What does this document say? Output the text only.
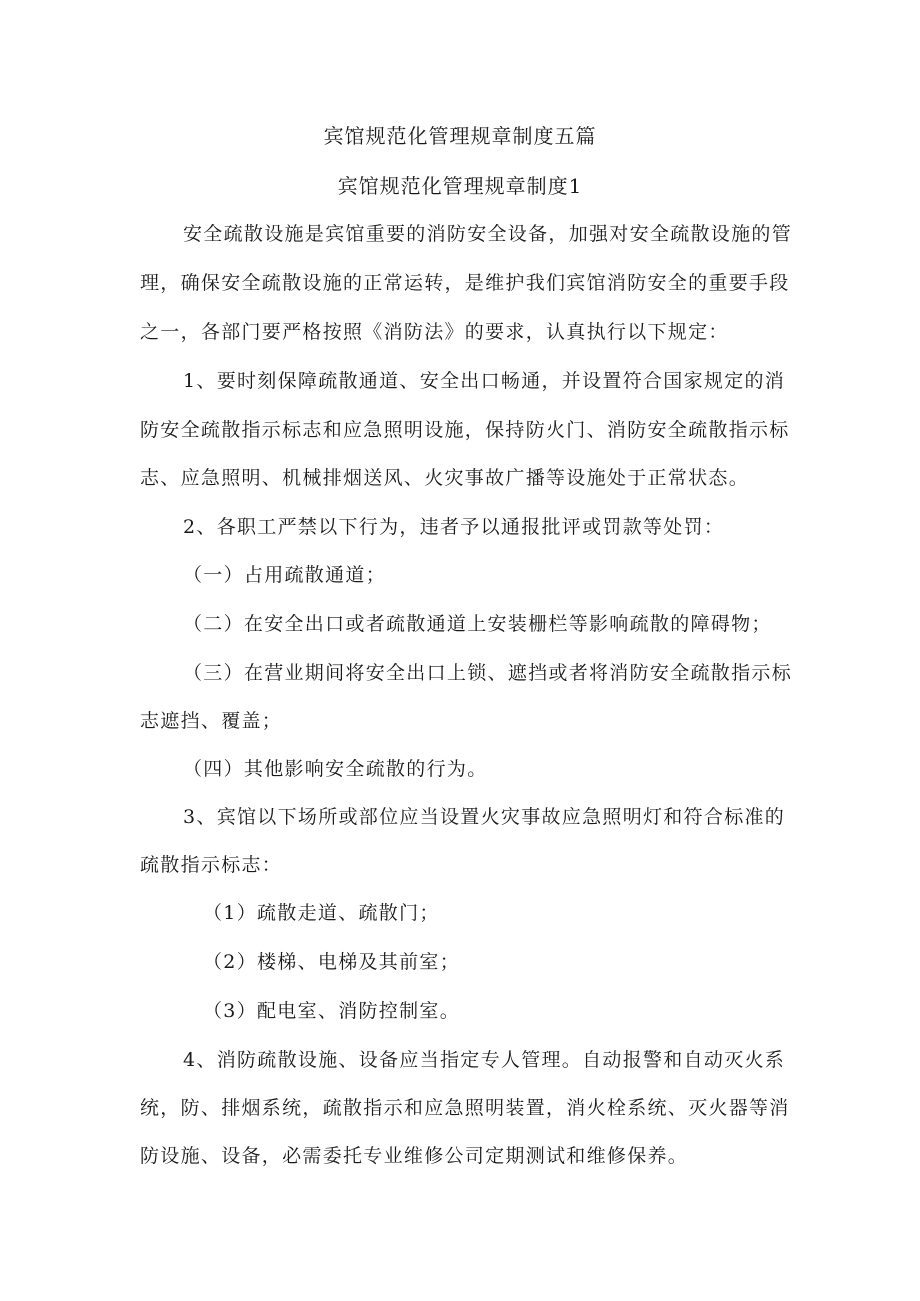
宾馆规范化管理规章制度五篇
宾馆规范化管理规章制度1

安全疏散设施是宾馆重要的消防安全设备，加强对安全疏散设施的管

理，确保安全疏散设施的正常运转，是维护我们宾馆消防安全的重要手段

之一，各部门要严格按照《消防法》的要求，认真执行以下规定：

1、要时刻保障疏散通道、安全出口畅通，并设置符合国家规定的消

防安全疏散指示标志和应急照明设施，保持防火门、消防安全疏散指示标

志、应急照明、机械排烟送风、火灾事故广播等设施处于正常状态。

2、各职工严禁以下行为，违者予以通报批评或罚款等处罚：

（一）占用疏散通道；

（二）在安全出口或者疏散通道上安装栅栏等影响疏散的障碍物；

（三）在营业期间将安全出口上锁、遮挡或者将消防安全疏散指示标

志遮挡、覆盖；

（四）其他影响安全疏散的行为。

3、宾馆以下场所或部位应当设置火灾事故应急照明灯和符合标准的

疏散指示标志：

（1）疏散走道、疏散门；

（2）楼梯、电梯及其前室；

（3）配电室、消防控制室。

4、消防疏散设施、设备应当指定专人管理。自动报警和自动灭火系

统，防、排烟系统，疏散指示和应急照明装置，消火栓系统、灭火器等消

防设施、设备，必需委托专业维修公司定期测试和维修保养。
